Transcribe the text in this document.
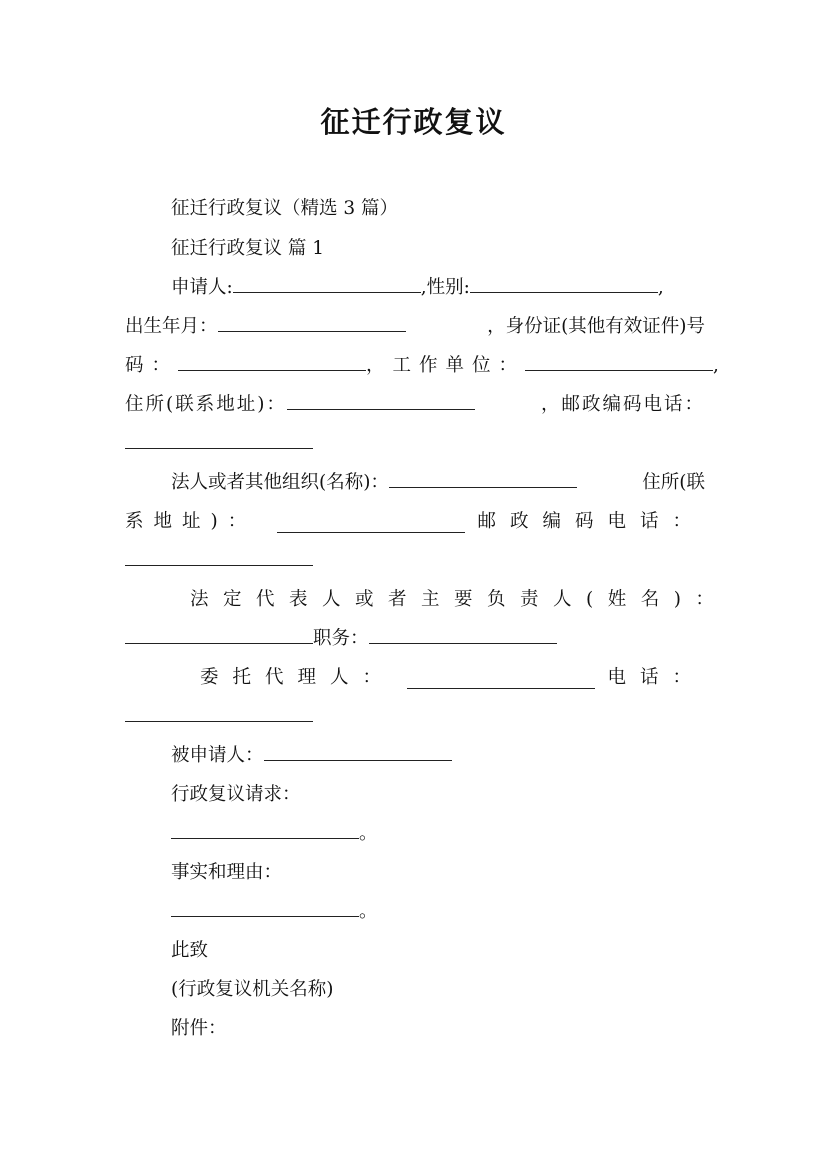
征迁行政复议
征迁行政复议（精选 3 篇）
征迁行政复议 篇 1
申请人:	,性别:	,
出生年月：	，身份证(其他有效证件)号
码：	，工作单位：	,
住所(联系地址)：	，邮政编码电话：
法人或者其他组织(名称)：	住所(联
系地址)：	邮政编码电话：
法定代表人或者主要负责人(姓名)：
职务：
委托代理人：	电话：
被申请人：
行政复议请求：
。
事实和理由：
。
此致
(行政复议机关名称)
附件：
